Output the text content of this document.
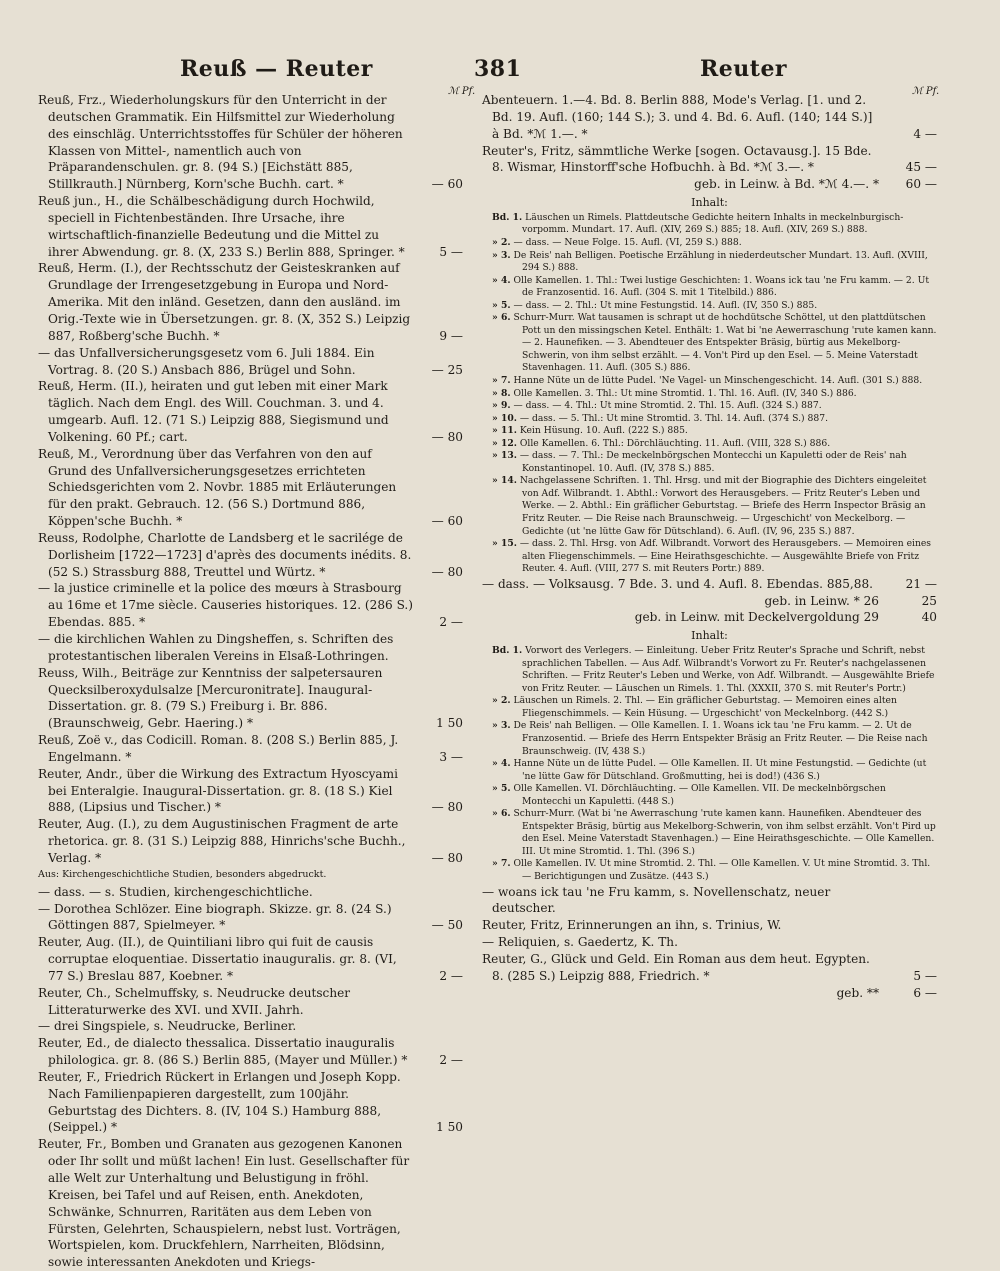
Reuß — Reuter	381	Reuter
ℳ Pf.	ℳ Pf.
Reuß, Frz., Wiederholungskurs für den Unterricht in der deutschen Grammatik. Ein Hilfsmittel zur Wiederholung des einschläg. Unterrichtsstoffes für Schüler der höheren Klassen von Mittel-, namentlich auch von Präparandenschulen. gr. 8. (94 S.) [Eichstätt 885, Stillkrauth.] Nürnberg, Korn'sche Buchh. cart. *	— 60
Reuß jun., H., die Schälbeschädigung durch Hochwild, speciell in Fichtenbeständen. Ihre Ursache, ihre wirtschaftlich-finanzielle Bedeutung und die Mittel zu ihrer Abwendung. gr. 8. (X, 233 S.) Berlin 888, Springer. *	5 —
Reuß, Herm. (I.), der Rechtsschutz der Geisteskranken auf Grundlage der Irrengesetzgebung in Europa und Nord-Amerika. Mit den inländ. Gesetzen, dann den ausländ. im Orig.-Texte wie in Übersetzungen. gr. 8. (X, 352 S.) Leipzig 887, Roßberg'sche Buchh. *	9 —
— das Unfallversicherungsgesetz vom 6. Juli 1884. Ein Vortrag. 8. (20 S.) Ansbach 886, Brügel und Sohn.	— 25
Reuß, Herm. (II.), heiraten und gut leben mit einer Mark täglich. Nach dem Engl. des Will. Couchman. 3. und 4. umgearb. Aufl. 12. (71 S.) Leipzig 888, Siegismund und Volkening. 60 Pf.; cart.	— 80
Reuß, M., Verordnung über das Verfahren von den auf Grund des Unfallversicherungsgesetzes errichteten Schiedsgerichten vom 2. Novbr. 1885 mit Erläuterungen für den prakt. Gebrauch. 12. (56 S.) Dortmund 886, Köppen'sche Buchh. *	— 60
Reuss, Rodolphe, Charlotte de Landsberg et le sacrilége de Dorlisheim [1722—1723] d'après des documents inédits. 8. (52 S.) Strassburg 888, Treuttel und Würtz. *	— 80
— la justice criminelle et la police des mœurs à Strasbourg au 16me et 17me siècle. Causeries historiques. 12. (286 S.) Ebendas. 885. *	2 —
— die kirchlichen Wahlen zu Dingsheffen, s. Schriften des protestantischen liberalen Vereins in Elsaß-Lothringen.
Reuss, Wilh., Beiträge zur Kenntniss der salpetersauren Quecksilberoxydulsalze [Mercuronitrate]. Inaugural-Dissertation. gr. 8. (79 S.) Freiburg i. Br. 886. (Braunschweig, Gebr. Haering.) *	1 50
Reuß, Zoë v., das Codicill. Roman. 8. (208 S.) Berlin 885, J. Engelmann. *	3 —
Reuter, Andr., über die Wirkung des Extractum Hyoscyami bei Enteralgie. Inaugural-Dissertation. gr. 8. (18 S.) Kiel 888, (Lipsius und Tischer.) *	— 80
Reuter, Aug. (I.), zu dem Augustinischen Fragment de arte rhetorica. gr. 8. (31 S.) Leipzig 888, Hinrichs'sche Buchh., Verlag. *	— 80
Aus: Kirchengeschichtliche Studien, besonders abgedruckt.
— dass. — s. Studien, kirchengeschichtliche.
— Dorothea Schlözer. Eine biograph. Skizze. gr. 8. (24 S.) Göttingen 887, Spielmeyer. *	— 50
Reuter, Aug. (II.), de Quintiliani libro qui fuit de causis corruptae eloquentiae. Dissertatio inauguralis. gr. 8. (VI, 77 S.) Breslau 887, Koebner. *	2 —
Reuter, Ch., Schelmuffsky, s. Neudrucke deutscher Litteraturwerke des XVI. und XVII. Jahrh.
— drei Singspiele, s. Neudrucke, Berliner.
Reuter, Ed., de dialecto thessalica. Dissertatio inauguralis philologica. gr. 8. (86 S.) Berlin 885, (Mayer und Müller.) *	2 —
Reuter, F., Friedrich Rückert in Erlangen und Joseph Kopp. Nach Familienpapieren dargestellt, zum 100jähr. Geburtstag des Dichters. 8. (IV, 104 S.) Hamburg 888, (Seippel.) *	1 50
Reuter, Fr., Bomben und Granaten aus gezogenen Kanonen oder Ihr sollt und müßt lachen! Ein lust. Gesellschafter für alle Welt zur Unterhaltung und Belustigung in fröhl. Kreisen, bei Tafel und auf Reisen, enth. Anekdoten, Schwänke, Schnurren, Raritäten aus dem Leben von Fürsten, Gelehrten, Schauspielern, nebst lust. Vorträgen, Wortspielen, kom. Druckfehlern, Narrheiten, Blödsinn, sowie interessanten Anekdoten und Kriegs-
Abenteuern. 1.—4. Bd. 8. Berlin 888, Mode's Verlag. [1. und 2. Bd. 19. Aufl. (160; 144 S.); 3. und 4. Bd. 6. Aufl. (140; 144 S.)] à Bd. *ℳ 1.—. *	4 —
Reuter's, Fritz, sämmtliche Werke [sogen. Octavausg.]. 15 Bde. 8. Wismar, Hinstorff'sche Hofbuchh. à Bd. *ℳ 3.—. *	45 —
geb. in Leinw. à Bd. *ℳ 4.—. *	60 —
Inhalt:
Bd. 1. Läuschen un Rimels. Plattdeutsche Gedichte heitern Inhalts in meckelnburgisch-vorpomm. Mundart. 17. Aufl. (XIV, 269 S.) 885; 18. Aufl. (XIV, 269 S.) 888.
» 2. — dass. — Neue Folge. 15. Aufl. (VI, 259 S.) 888.
» 3. De Reis' nah Belligen. Poetische Erzählung in niederdeutscher Mundart. 13. Aufl. (XVIII, 294 S.) 888.
» 4. Olle Kamellen. 1. Thl.: Twei lustige Geschichten: 1. Woans ick tau 'ne Fru kamm. — 2. Ut de Franzosentid. 16. Aufl. (304 S. mit 1 Titelbild.) 886.
» 5. — dass. — 2. Thl.: Ut mine Festungstid. 14. Aufl. (IV, 350 S.) 885.
» 6. Schurr-Murr. Wat tausamen is schrapt ut de hochdütsche Schöttel, ut den plattdütschen Pott un den missingschen Ketel. Enthält: 1. Wat bi 'ne Aewerraschung 'rute kamen kann. — 2. Haunefiken. — 3. Abendteuer des Entspekter Bräsig, bürtig aus Mekelborg-Schwerin, von ihm selbst erzählt. — 4. Von't Pird up den Esel. — 5. Meine Vaterstadt Stavenhagen. 11. Aufl. (305 S.) 886.
» 7. Hanne Nüte un de lütte Pudel. 'Ne Vagel- un Minschengeschicht. 14. Aufl. (301 S.) 888.
» 8. Olle Kamellen. 3. Thl.: Ut mine Stromtid. 1. Thl. 16. Aufl. (IV, 340 S.) 886.
» 9. — dass. — 4. Thl.: Ut mine Stromtid. 2. Thl. 15. Aufl. (324 S.) 887.
» 10. — dass. — 5. Thl.: Ut mine Stromtid. 3. Thl. 14. Aufl. (374 S.) 887.
» 11. Kein Hüsung. 10. Aufl. (222 S.) 885.
» 12. Olle Kamellen. 6. Thl.: Dörchläuchting. 11. Aufl. (VIII, 328 S.) 886.
» 13. — dass. — 7. Thl.: De meckelnbörgschen Montecchi un Kapuletti oder de Reis' nah Konstantinopel. 10. Aufl. (IV, 378 S.) 885.
» 14. Nachgelassene Schriften. 1. Thl. Hrsg. und mit der Biographie des Dichters eingeleitet von Adf. Wilbrandt. 1. Abthl.: Vorwort des Herausgebers. — Fritz Reuter's Leben und Werke. — 2. Abthl.: Ein gräflicher Geburtstag. — Briefe des Herrn Inspector Bräsig an Fritz Reuter. — Die Reise nach Braunschweig. — Urgeschicht' von Meckelborg. — Gedichte (ut 'ne lütte Gaw för Dütschland). 6. Aufl. (IV, 96, 235 S.) 887.
» 15. — dass. 2. Thl. Hrsg. von Adf. Wilbrandt. Vorwort des Herausgebers. — Memoiren eines alten Fliegenschimmels. — Eine Heirathsgeschichte. — Ausgewählte Briefe von Fritz Reuter. 4. Aufl. (VIII, 277 S. mit Reuters Portr.) 889.
— dass. — Volksausg. 7 Bde. 3. und 4. Aufl. 8. Ebendas. 885,88.	21 —
geb. in Leinw. * 26	25
geb. in Leinw. mit Deckelvergoldung 29	40
Inhalt:
Bd. 1. Vorwort des Verlegers. — Einleitung. Ueber Fritz Reuter's Sprache und Schrift, nebst sprachlichen Tabellen. — Aus Adf. Wilbrandt's Vorwort zu Fr. Reuter's nachgelassenen Schriften. — Fritz Reuter's Leben und Werke, von Adf. Wilbrandt. — Ausgewählte Briefe von Fritz Reuter. — Läuschen un Rimels. 1. Thl. (XXXII, 370 S. mit Reuter's Portr.)
» 2. Läuschen un Rimels. 2. Thl. — Ein gräflicher Geburtstag. — Memoiren eines alten Fliegenschimmels. — Kein Hüsung. — Urgeschicht' von Meckelnborg. (442 S.)
» 3. De Reis' nah Belligen. — Olle Kamellen. I. 1. Woans ick tau 'ne Fru kamm. — 2. Ut de Franzosentid. — Briefe des Herrn Entspekter Bräsig an Fritz Reuter. — Die Reise nach Braunschweig. (IV, 438 S.)
» 4. Hanne Nüte un de lütte Pudel. — Olle Kamellen. II. Ut mine Festungstid. — Gedichte (ut 'ne lütte Gaw för Dütschland. Großmutting, hei is dod!) (436 S.)
» 5. Olle Kamellen. VI. Dörchläuchting. — Olle Kamellen. VII. De meckelnbörgschen Montecchi un Kapuletti. (448 S.)
» 6. Schurr-Murr. (Wat bi 'ne Awerraschung 'rute kamen kann. Haunefiken. Abendteuer des Entspekter Bräsig, bürtig aus Mekelborg-Schwerin, von ihm selbst erzählt. Von't Pird up den Esel. Meine Vaterstadt Stavenhagen.) — Eine Heirathsgeschichte. — Olle Kamellen. III. Ut mine Stromtid. 1. Thl. (396 S.)
» 7. Olle Kamellen. IV. Ut mine Stromtid. 2. Thl. — Olle Kamellen. V. Ut mine Stromtid. 3. Thl. — Berichtigungen und Zusätze. (443 S.)
— woans ick tau 'ne Fru kamm, s. Novellenschatz, neuer deutscher.
Reuter, Fritz, Erinnerungen an ihn, s. Trinius, W.
— Reliquien, s. Gaedertz, K. Th.
Reuter, G., Glück und Geld. Ein Roman aus dem heut. Egypten. 8. (285 S.) Leipzig 888, Friedrich. *	5 —
geb. **	6 —
